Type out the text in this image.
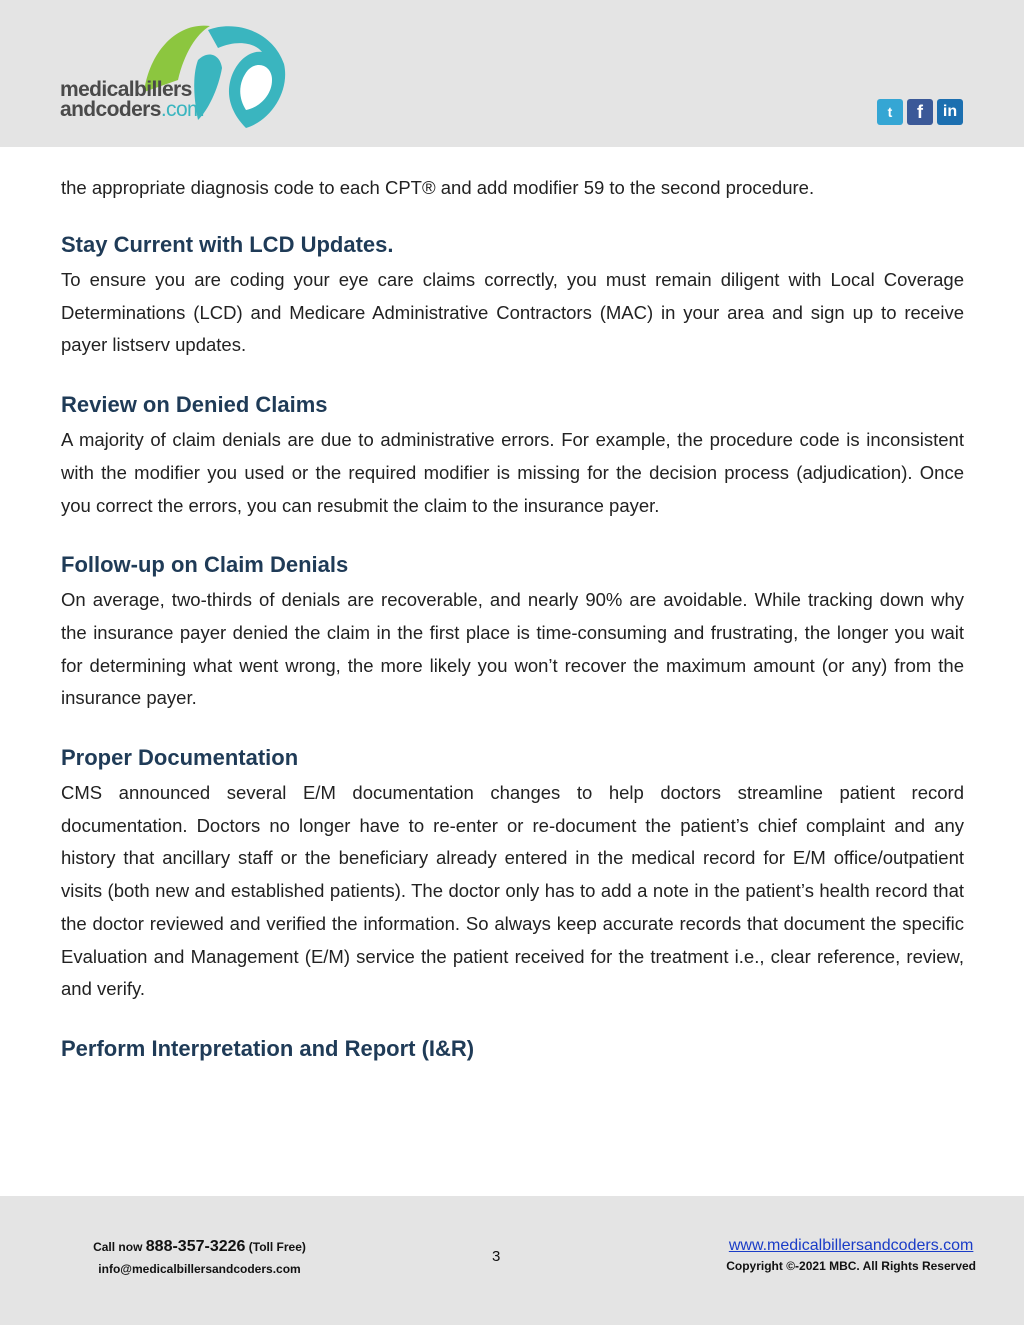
medicalbillers
andcoders.com	t	f	in

the appropriate diagnosis code to each CPT® and add modifier 59 to the second procedure.

Stay Current with LCD Updates.

To ensure you are coding your eye care claims correctly, you must remain diligent with Local Coverage Determinations (LCD) and Medicare Administrative Contractors (MAC) in your area and sign up to receive payer listserv updates.

Review on Denied Claims

A majority of claim denials are due to administrative errors. For example, the procedure code is inconsistent with the modifier you used or the required modifier is missing for the decision process (adjudication). Once you correct the errors, you can resubmit the claim to the insurance payer.

Follow-up on Claim Denials

On average, two-thirds of denials are recoverable, and nearly 90% are avoidable. While tracking down why the insurance payer denied the claim in the first place is time-consuming and frustrating, the longer you wait for determining what went wrong, the more likely you won’t recover the maximum amount (or any) from the insurance payer.

Proper Documentation

CMS announced several E/M documentation changes to help doctors streamline patient record documentation. Doctors no longer have to re-enter or re-document the patient’s chief complaint and any history that ancillary staff or the beneficiary already entered in the medical record for E/M office/outpatient visits (both new and established patients). The doctor only has to add a note in the patient’s health record that the doctor reviewed and verified the information. So always keep accurate records that document the specific Evaluation and Management (E/M) service the patient received for the treatment i.e., clear reference, review, and verify.

Perform Interpretation and Report (I&R)
Call now 888-357-3226 (Toll Free)
info@medicalbillersandcoders.com
3
www.medicalbillersandcoders.com
Copyright ©-2021 MBC. All Rights Reserved
